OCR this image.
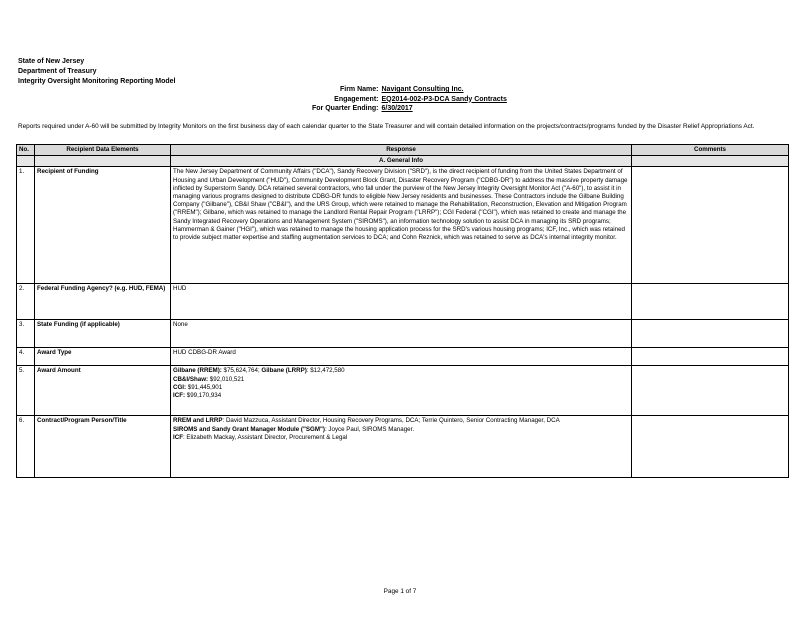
State of New Jersey
Department of Treasury
Integrity Oversight Monitoring Reporting Model
Firm Name: Navigant Consulting Inc.
Engagement: EQ2014-002-P3-DCA Sandy Contracts
For Quarter Ending: 6/30/2017
Reports required under A-60 will be submitted by Integrity Monitors on the first business day of each calendar quarter to the State Treasurer and will contain detailed information on the projects/contracts/programs funded by the Disaster Relief Appropriations Act.
No.	Recipient Data Elements	Response	Comments
		A. General Info	
1.	Recipient of Funding	The New Jersey Department of Community Affairs ("DCA"), Sandy Recovery Division ("SRD"), is the direct recipient of funding from the United States Department of Housing and Urban Development ("HUD"), Community Development Block Grant, Disaster Recovery Program ("CDBG-DR") to address the massive property damage inflicted by Superstorm Sandy. DCA retained several contractors, who fall under the purview of the New Jersey Integrity Oversight Monitor Act ("A-60"), to assist it in managing various programs designed to distribute CDBG-DR funds to eligible New Jersey residents and businesses. These Contractors include the Gilbane Building Company ("Gilbane"), CB&I Shaw ("CB&I"), and the URS Group, which were retained to manage the Rehabilitation, Reconstruction, Elevation and Mitigation Program ("RREM"); Gilbane, which was retained to manage the Landlord Rental Repair Program ("LRRP"); CGI Federal ("CGI"), which was retained to create and manage the Sandy Integrated Recovery Operations and Management System ("SIROMS"), an information technology solution to assist DCA in managing its SRD programs; Hammerman & Gainer ("HGI"), which was retained to manage the housing application process for the SRD's various housing programs; ICF, Inc., which was retained to provide subject matter expertise and staffing augmentation services to DCA; and Cohn Reznick, which was retained to serve as DCA's internal integrity monitor.	
2.	Federal Funding Agency? (e.g. HUD, FEMA)	HUD	
3.	State Funding (if applicable)	None	
4.	Award Type	HUD CDBG-DR Award	
5.	Award Amount	Gilbane (RREM): $75,624,764; Gilbane (LRRP): $12,472,580
CB&I/Shaw: $92,010,521
CGI: $91,445,901
ICF: $99,170,934	

6.	Contract/Program Person/Title	RREM and LRRP: David Mazzuca, Assistant Director, Housing Recovery Programs, DCA; Terrie Quintero, Senior Contracting Manager, DCA
SIROMS and Sandy Grant Manager Module ("SGM"): Joyce Paul, SIROMS Manager.
ICF: Elizabeth Mackay, Assistant Director, Procurement & Legal	

Page 1 of 7
